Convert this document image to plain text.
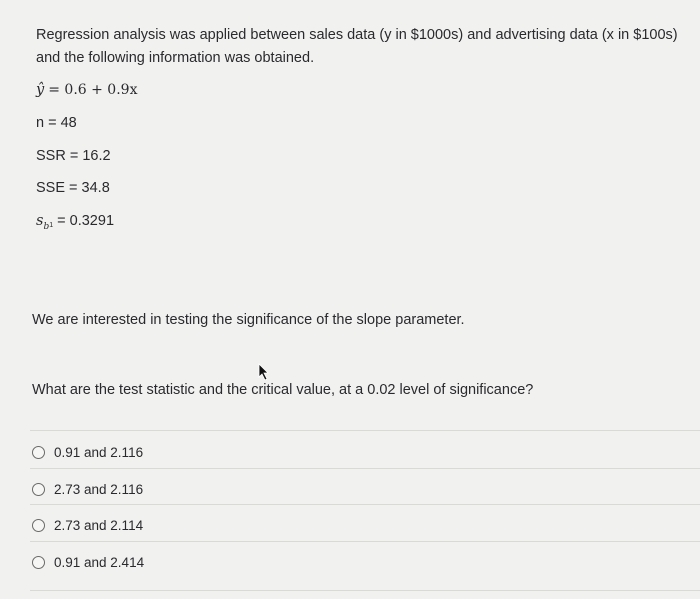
Regression analysis was applied between sales data (y in $1000s) and advertising data (x in $100s) and the following information was obtained.
ŷ = 0.6 + 0.9x
n = 48
SSR = 16.2
SSE = 34.8
$s_b1 = 0.3291$
We are interested in testing the significance of the slope parameter.
What are the test statistic and the critical value, at a 0.02 level of significance?
0.91 and 2.116
2.73 and 2.116
2.73 and 2.114
0.91 and 2.414
